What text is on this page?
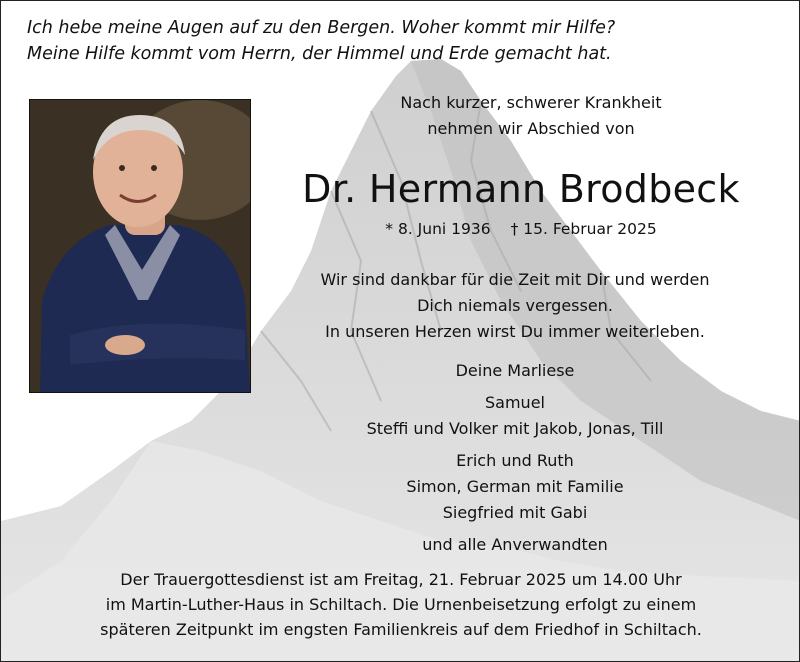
Ich hebe meine Augen auf zu den Bergen. Woher kommt mir Hilfe?
Meine Hilfe kommt vom Herrn, der Himmel und Erde gemacht hat.
Nach kurzer, schwerer Krankheit
nehmen wir Abschied von
Dr. Hermann Brodbeck
* 8. Juni 1936 † 15. Februar 2025
Wir sind dankbar für die Zeit mit Dir und werden
Dich niemals vergessen.
In unseren Herzen wirst Du immer weiterleben.
Deine Marliese
Samuel
Steffi und Volker mit Jakob, Jonas, Till
Erich und Ruth
Simon, German mit Familie
Siegfried mit Gabi
und alle Anverwandten
Der Trauergottesdienst ist am Freitag, 21. Februar 2025 um 14.00 Uhr
im Martin-Luther-Haus in Schiltach. Die Urnenbeisetzung erfolgt zu einem
späteren Zeitpunkt im engsten Familienkreis auf dem Friedhof in Schiltach.
